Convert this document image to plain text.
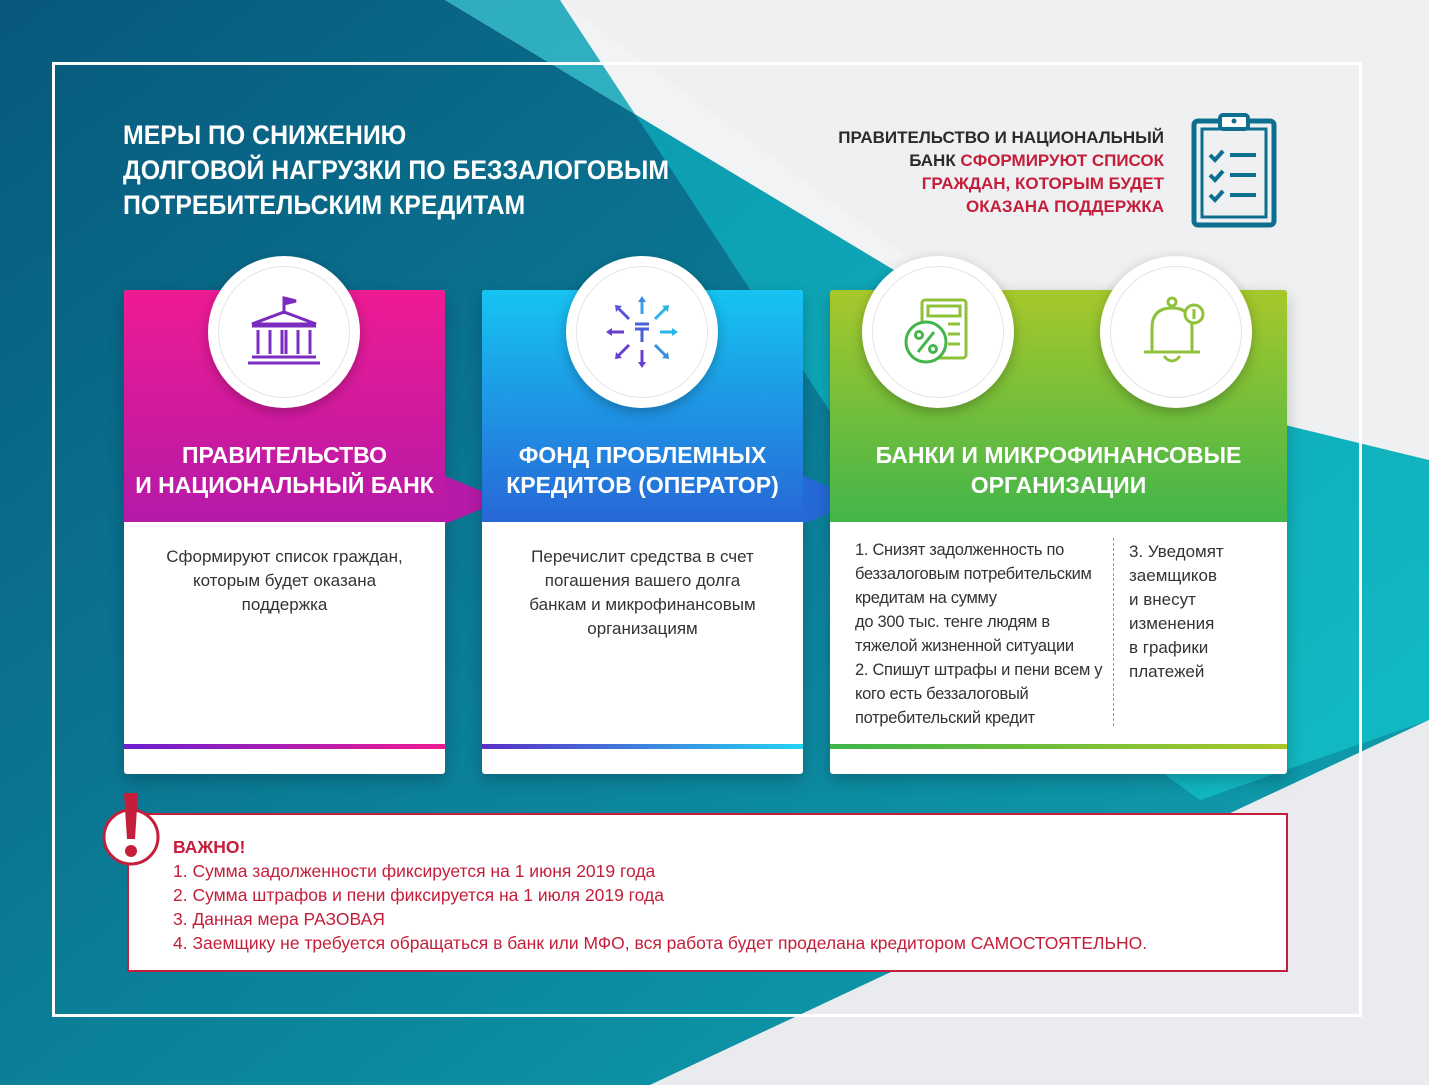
МЕРЫ ПО СНИЖЕНИЮ
ДОЛГОВОЙ НАГРУЗКИ ПО БЕЗЗАЛОГОВЫМ
ПОТРЕБИТЕЛЬСКИМ КРЕДИТАМ
ПРАВИТЕЛЬСТВО И НАЦИОНАЛЬНЫЙ
БАНК СФОРМИРУЮТ СПИСОК
ГРАЖДАН, КОТОРЫМ БУДЕТ
ОКАЗАНА ПОДДЕРЖКА
ПРАВИТЕЛЬСТВО
И НАЦИОНАЛЬНЫЙ БАНК
Сформируют список граждан,
которым будет оказана
поддержка
ФОНД ПРОБЛЕМНЫХ
КРЕДИТОВ (ОПЕРАТОР)
Перечислит средства в счет
погашения вашего долга
банкам и микрофинансовым
организациям
БАНКИ И МИКРОФИНАНСОВЫЕ
ОРГАНИЗАЦИИ
1. Снизят задолженность по
беззалоговым потребительским
кредитам на сумму
до 300 тыс. тенге людям в
тяжелой жизненной ситуации
2. Спишут штрафы и пени всем у
кого есть беззалоговый
потребительский кредит
3. Уведомят
заемщиков
и внесут
изменения
в графики
платежей
ВАЖНО!
1. Сумма задолженности фиксируется на 1 июня 2019 года
2. Сумма штрафов и пени фиксируется на 1 июля 2019 года
3. Данная мера РАЗОВАЯ
4. Заемщику не требуется обращаться в банк или МФО, вся работа будет проделана кредитором САМОСТОЯТЕЛЬНО.
